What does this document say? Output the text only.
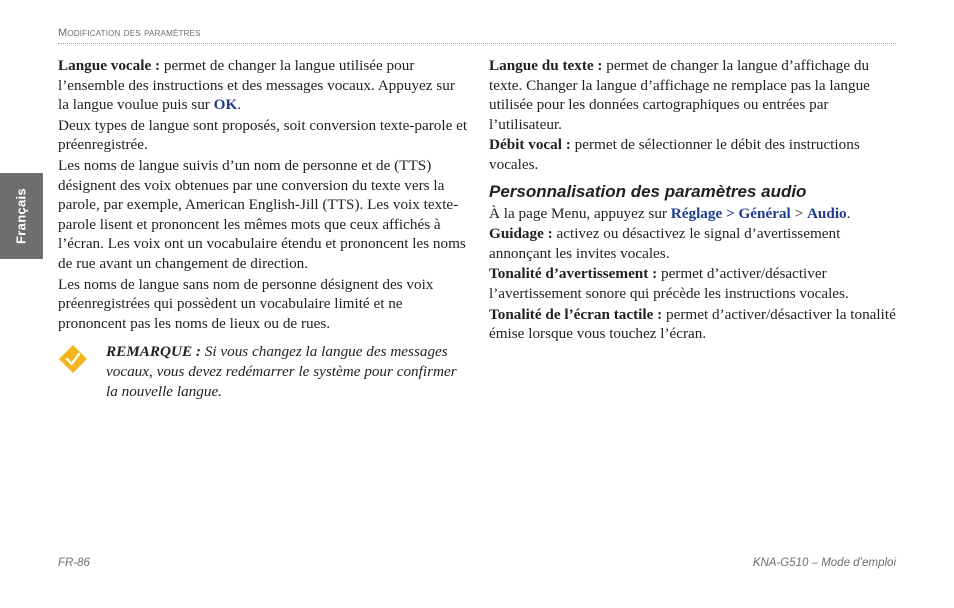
Modification des paramètres
Français

Langue vocale : permet de changer la langue utilisée pour l’ensemble des instructions et des messages vocaux. Appuyez sur la langue voulue puis sur OK.

Deux types de langue sont proposés, soit conversion texte-parole et préenregistrée.

Les noms de langue suivis d’un nom de personne et de (TTS) désignent des voix obtenues par une conversion du texte vers la parole, par exemple, American English-Jill (TTS). Les voix texte-parole lisent et prononcent les mêmes mots que ceux affichés à l’écran. Les voix ont un vocabulaire étendu et prononcent les noms de rue avant un changement de direction.

Les noms de langue sans nom de personne désignent des voix préenregistrées qui possèdent un vocabulaire limité et ne prononcent pas les noms de lieux ou de rues.

REMARQUE : Si vous changez la langue des messages vocaux, vous devez redémarrer le système pour confirmer la nouvelle langue.

Langue du texte : permet de changer la langue d’affichage du texte. Changer la langue d’affichage ne remplace pas la langue utilisée pour les données cartographiques ou entrées par l’utilisateur.

Débit vocal : permet de sélectionner le débit des instructions vocales.

Personnalisation des paramètres audio

À la page Menu, appuyez sur Réglage > Général > Audio.

Guidage : activez ou désactivez le signal d’avertissement annonçant les invites vocales.

Tonalité d’avertissement : permet d’activer/désactiver l’avertissement sonore qui précède les instructions vocales.

Tonalité de l’écran tactile : permet d’activer/désactiver la tonalité émise lorsque vous touchez l’écran.

FR-86	KNA-G510 – Mode d’emploi
